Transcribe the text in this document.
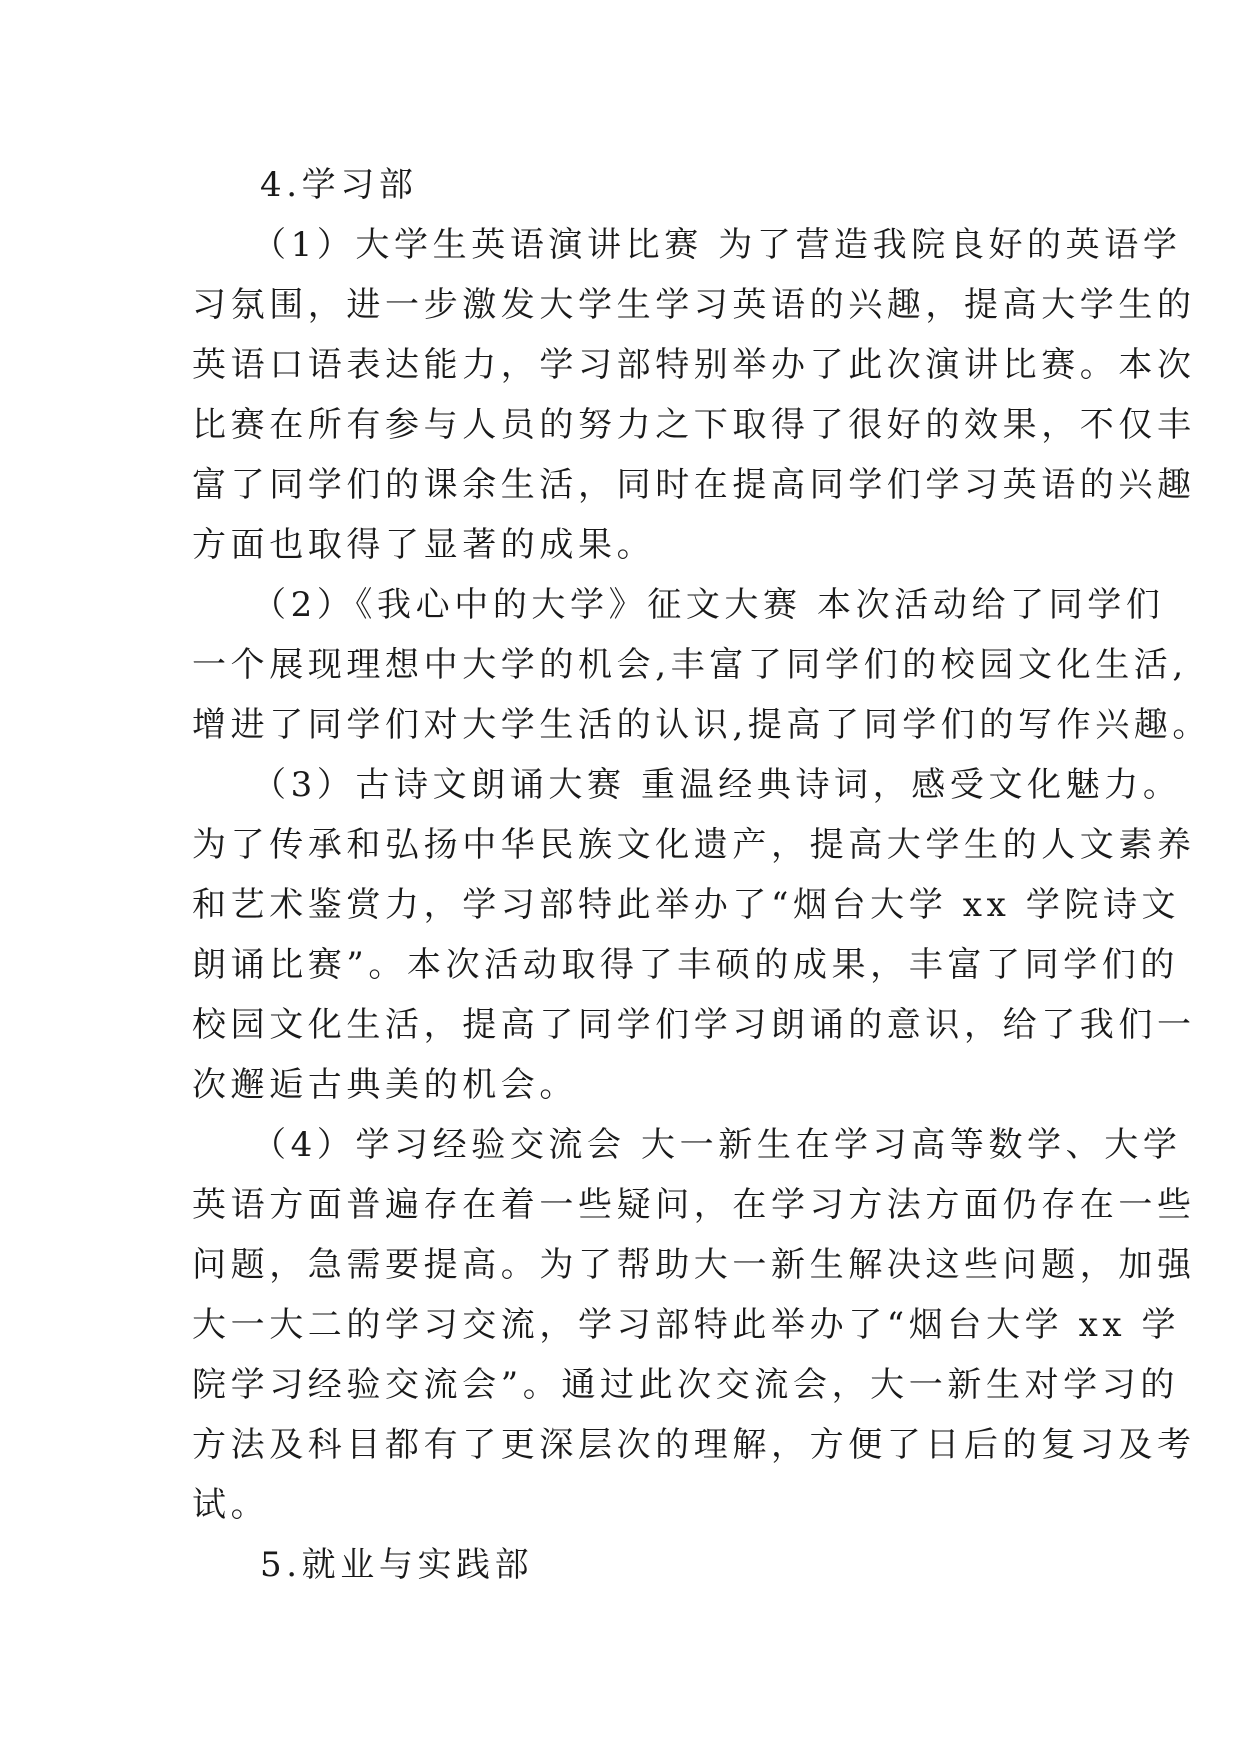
4.学习部
（1）大学生英语演讲比赛 为了营造我院良好的英语学
习氛围，进一步激发大学生学习英语的兴趣，提高大学生的
英语口语表达能力，学习部特别举办了此次演讲比赛。本次
比赛在所有参与人员的努力之下取得了很好的效果，不仅丰
富了同学们的课余生活，同时在提高同学们学习英语的兴趣
方面也取得了显著的成果。
（2）《我心中的大学》征文大赛 本次活动给了同学们
一个展现理想中大学的机会,丰富了同学们的校园文化生活,
增进了同学们对大学生活的认识,提高了同学们的写作兴趣。
（3）古诗文朗诵大赛 重温经典诗词，感受文化魅力。
为了传承和弘扬中华民族文化遗产，提高大学生的人文素养
和艺术鉴赏力，学习部特此举办了“烟台大学 xx 学院诗文
朗诵比赛”。本次活动取得了丰硕的成果，丰富了同学们的
校园文化生活，提高了同学们学习朗诵的意识，给了我们一
次邂逅古典美的机会。
（4）学习经验交流会 大一新生在学习高等数学、大学
英语方面普遍存在着一些疑问，在学习方法方面仍存在一些
问题，急需要提高。为了帮助大一新生解决这些问题，加强
大一大二的学习交流，学习部特此举办了“烟台大学 xx 学
院学习经验交流会”。通过此次交流会，大一新生对学习的
方法及科目都有了更深层次的理解，方便了日后的复习及考
试。
5.就业与实践部
